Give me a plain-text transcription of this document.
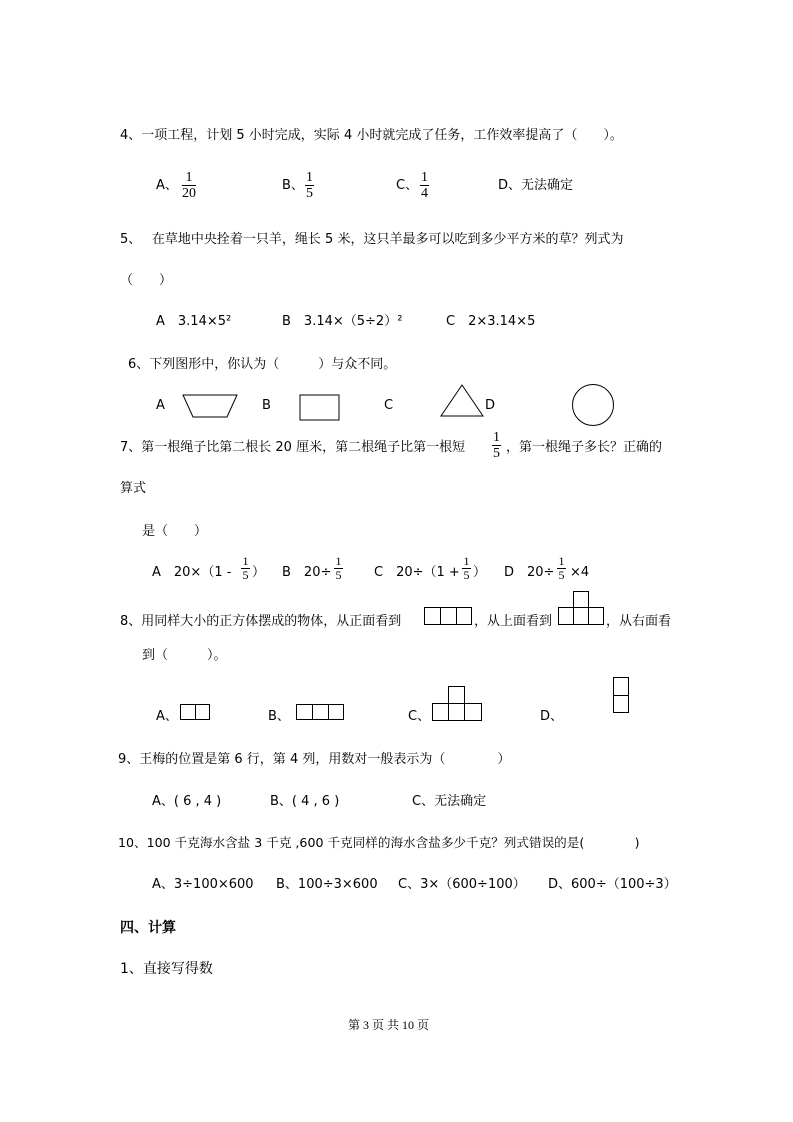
4、一项工程，计划 5 小时完成，实际 4 小时就完成了任务，工作效率提高了（　　）。
A、
1
20
B、
1
5
C、
1
4
D、无法确定
5、　 在草地中央拴着一只羊，绳长 5 米，这只羊最多可以吃到多少平方米的草？列式为
（　　）
A　3.14×5²	B　3.14×（5÷2）²	C　2×3.14×5
6、下列图形中，你认为（　　　）与众不同。
A	B	C	D
7、第一根绳子比第二根长 20 厘米，第二根绳子比第一根短
1
5 ，第一根绳子多长？正确的
算式
是（　　）
A　20×（1 -
1
5 ） B　20÷
1
5	C　20÷（1 +
1
5 ） D　20÷
1
5 ×4
8、用同样大小的正方体摆成的物体，从正面看到	，从上面看到	，从右面看
到（　　　）。
A、	B、	C、	D、
9、王梅的位置是第 6 行，第 4 列，用数对一般表示为（　　　　）
A、( 6 , 4 )	B、( 4 , 6 )	C、无法确定
10、100 千克海水含盐 3 千克 ,600 千克同样的海水含盐多少千克？列式错误的是(　　　　)
A、3÷100×600 B、100÷3×600 C、3×（600÷100） D、600÷（100÷3）
四、计算
1、直接写得数
第 3 页 共 10 页
